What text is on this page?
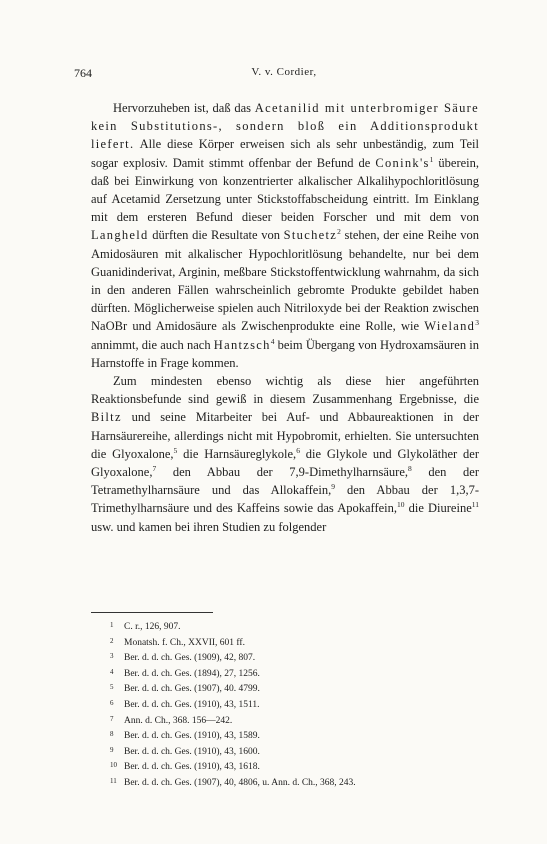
764	V. v. Cordier,

Hervorzuheben ist, daß das Acetanilid mit unterbromiger Säure kein Substitutions-, sondern bloß ein Additionsprodukt liefert. Alle diese Körper erweisen sich als sehr unbeständig, zum Teil sogar explosiv. Damit stimmt offenbar der Befund de $Conink's^1$ überein, daß bei Einwirkung von konzentrierter alkalischer Alkalihypochloritlösung auf Acetamid Zersetzung unter Stickstoffabscheidung eintritt. Im Einklang mit dem ersteren Befund dieser beiden Forscher und mit dem von Langheld dürften die Resultate von Stuchetz$^2$ stehen, der eine Reihe von Amidosäuren mit alkalischer Hypochloritlösung behandelte, nur bei dem Guanidinderivat, Arginin, meßbare Stickstoffentwicklung wahrnahm, da sich in den anderen Fällen wahrscheinlich gebromte Produkte gebildet haben dürften. Möglicherweise spielen auch Nitriloxyde bei der Reaktion zwischen NaOBr und Amidosäure als Zwischenprodukte eine Rolle, wie Wieland$^3$ annimmt, die auch nach Hantzsch$^4$ beim Übergang von Hydroxamsäuren in Harnstoffe in Frage kommen.

Zum mindesten ebenso wichtig als diese hier angeführten Reaktionsbefunde sind gewiß in diesem Zusammenhang Ergebnisse, die Biltz und seine Mitarbeiter bei Auf- und Abbaureaktionen in der Harnsäurereihe, allerdings nicht mit Hypobromit, erhielten. Sie untersuchten die Glyoxalone,$^5$ die Harnsäureglykole,$^6$ die Glykole und Glykoläther der Glyoxalone,$^7$ den Abbau der 7,9-Dimethylharnsäure,$^8$ den der Tetramethylharnsäure und das Allokaffein,$^9$ den Abbau der 1,3,7-Trimethylharnsäure und des Kaffeins sowie das Apokaffein,$^{10}$ die Diureine$^{11}$ usw. und kamen bei ihren Studien zu folgender

1 C. r., 126, 907.
2 Monatsh. f. Ch., XXVII, 601 ff.
3 Ber. d. d. ch. Ges. (1909), 42, 807.
4 Ber. d. d. ch. Ges. (1894), 27, 1256.
5 Ber. d. d. ch. Ges. (1907), 40. 4799.
6 Ber. d. d. ch. Ges. (1910), 43, 1511.
7 Ann. d. Ch., 368. 156—242.
8 Ber. d. d. ch. Ges. (1910), 43, 1589.
9 Ber. d. d. ch. Ges. (1910), 43, 1600.
10 Ber. d. d. ch. Ges. (1910), 43, 1618.
11 Ber. d. d. ch. Ges. (1907), 40, 4806, u. Ann. d. Ch., 368, 243.
